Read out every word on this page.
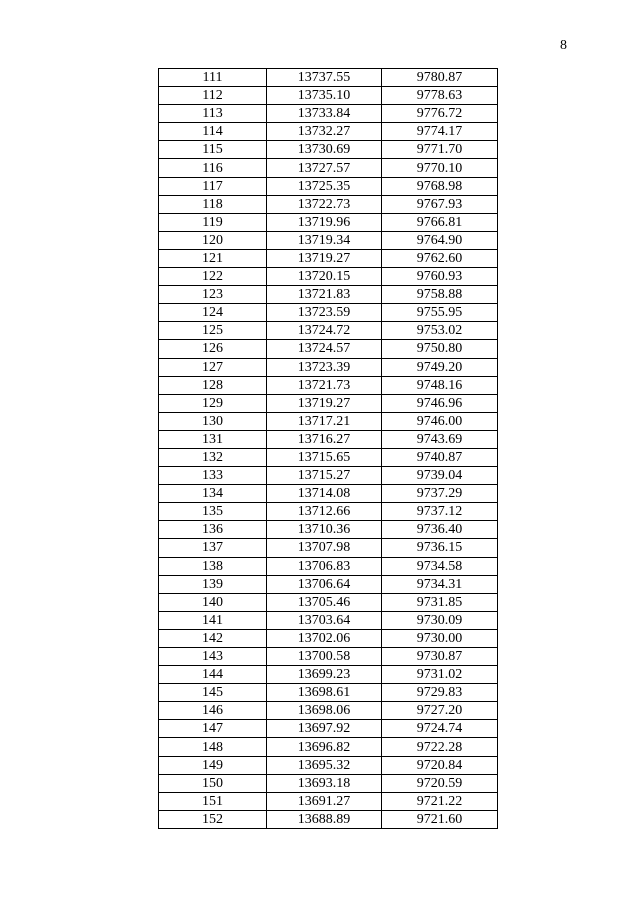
8
111	13737.55	9780.87
112	13735.10	9778.63
113	13733.84	9776.72
114	13732.27	9774.17
115	13730.69	9771.70
116	13727.57	9770.10
117	13725.35	9768.98
118	13722.73	9767.93
119	13719.96	9766.81
120	13719.34	9764.90
121	13719.27	9762.60
122	13720.15	9760.93
123	13721.83	9758.88
124	13723.59	9755.95
125	13724.72	9753.02
126	13724.57	9750.80
127	13723.39	9749.20
128	13721.73	9748.16
129	13719.27	9746.96
130	13717.21	9746.00
131	13716.27	9743.69
132	13715.65	9740.87
133	13715.27	9739.04
134	13714.08	9737.29
135	13712.66	9737.12
136	13710.36	9736.40
137	13707.98	9736.15
138	13706.83	9734.58
139	13706.64	9734.31
140	13705.46	9731.85
141	13703.64	9730.09
142	13702.06	9730.00
143	13700.58	9730.87
144	13699.23	9731.02
145	13698.61	9729.83
146	13698.06	9727.20
147	13697.92	9724.74
148	13696.82	9722.28
149	13695.32	9720.84
150	13693.18	9720.59
151	13691.27	9721.22
152	13688.89	9721.60
